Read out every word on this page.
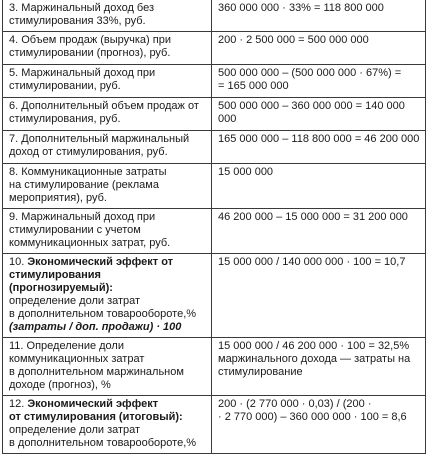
3. Маржинальный доход без
стимулирования 33%, руб.	360 000 000 · 33% = 118 800 000
4. Объем продаж (выручка) при
стимулировании (прогноз), руб.	200 · 2 500 000 = 500 000 000
5. Маржинальный доход при
стимулировании, руб.	500 000 000 – (500 000 000 · 67%) =
= 165 000 000
6. Дополнительный объем продаж от
стимулирования, руб.	500 000 000 – 360 000 000 = 140 000 000
7. Дополнительный маржинальный
доход от стимулирования, руб.	165 000 000 – 118 800 000 = 46 200 000
8. Коммуникационные затраты
на стимулирование (реклама
мероприятия), руб.	15 000 000
9. Маржинальный доход при
стимулировании с учетом
коммуникационных затрат, руб.	46 200 000 – 15 000 000 = 31 200 000
10. Экономический эффект от
стимулирования (прогнозируемый):
определение доли затрат
в дополнительном товарообороте,%
(затраты / доп. продажи) · 100	15 000 000 / 140 000 000 · 100 = 10,7
11. Определение доли
коммуникационных затрат
в дополнительном маржинальном
доходе (прогноз), %	15 000 000 / 46 200 000 · 100 = 32,5%
маржинального дохода — затраты на
стимулирование
12. Экономический эффект
от стимулирования (итоговый):
определение доли затрат
в дополнительном товарообороте,%	200 · (2 770 000 · 0,03) / (200 ·
· 2 770 000) – 360 000 000 · 100 = 8,6
